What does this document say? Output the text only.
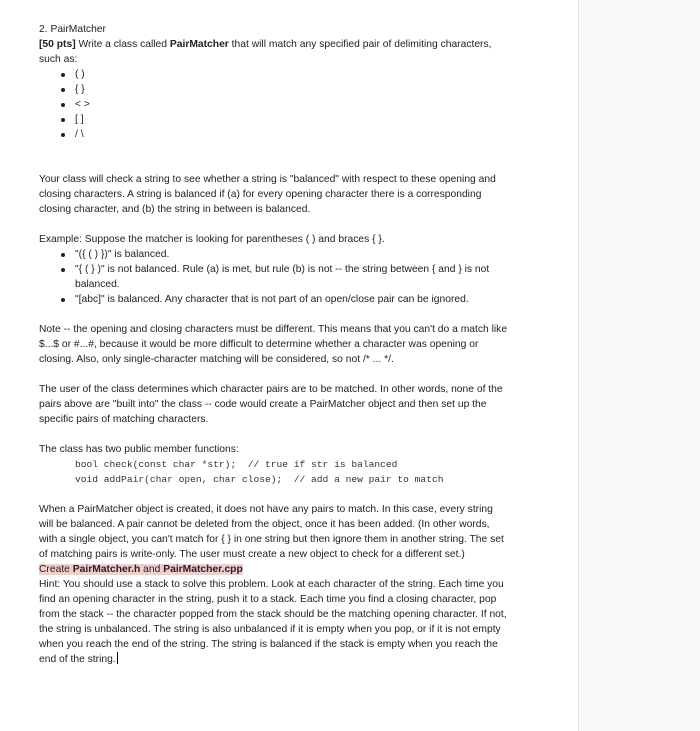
2. PairMatcher

[50 pts] Write a class called PairMatcher that will match any specified pair of delimiting characters, such as:

( )
{ }
< >
[ ]
/ \

Your class will check a string to see whether a string is "balanced" with respect to these opening and closing characters. A string is balanced if (a) for every opening character there is a corresponding closing character, and (b) the string in between is balanced.

Example: Suppose the matcher is looking for parentheses ( ) and braces { }.

"({ ( ) })" is balanced.
"{ ( } )" is not balanced. Rule (a) is met, but rule (b) is not -- the string between { and } is not balanced.
"[abc]" is balanced. Any character that is not part of an open/close pair can be ignored.

Note -- the opening and closing characters must be different. This means that you can't do a match like $...$ or #...#, because it would be more difficult to determine whether a character was opening or closing. Also, only single-character matching will be considered, so not /* ... */.

The user of the class determines which character pairs are to be matched. In other words, none of the pairs above are "built into" the class -- code would create a PairMatcher object and then set up the specific pairs of matching characters.

The class has two public member functions:

bool check(const char *str);  // true if str is balanced
void addPair(char open, char close);  // add a new pair to match

When a PairMatcher object is created, it does not have any pairs to match. In this case, every string will be balanced. A pair cannot be deleted from the object, once it has been added. (In other words, with a single object, you can't match for { } in one string but then ignore them in another string. The set of matching pairs is write-only. The user must create a new object to check for a different set.)

Create PairMatcher.h and PairMatcher.cpp

Hint: You should use a stack to solve this problem. Look at each character of the string. Each time you find an opening character in the string, push it to a stack. Each time you find a closing character, pop from the stack -- the character popped from the stack should be the matching opening character. If not, the string is unbalanced. The string is also unbalanced if it is empty when you pop, or if it is not empty when you reach the end of the string. The string is balanced if the stack is empty when you reach the end of the string.
